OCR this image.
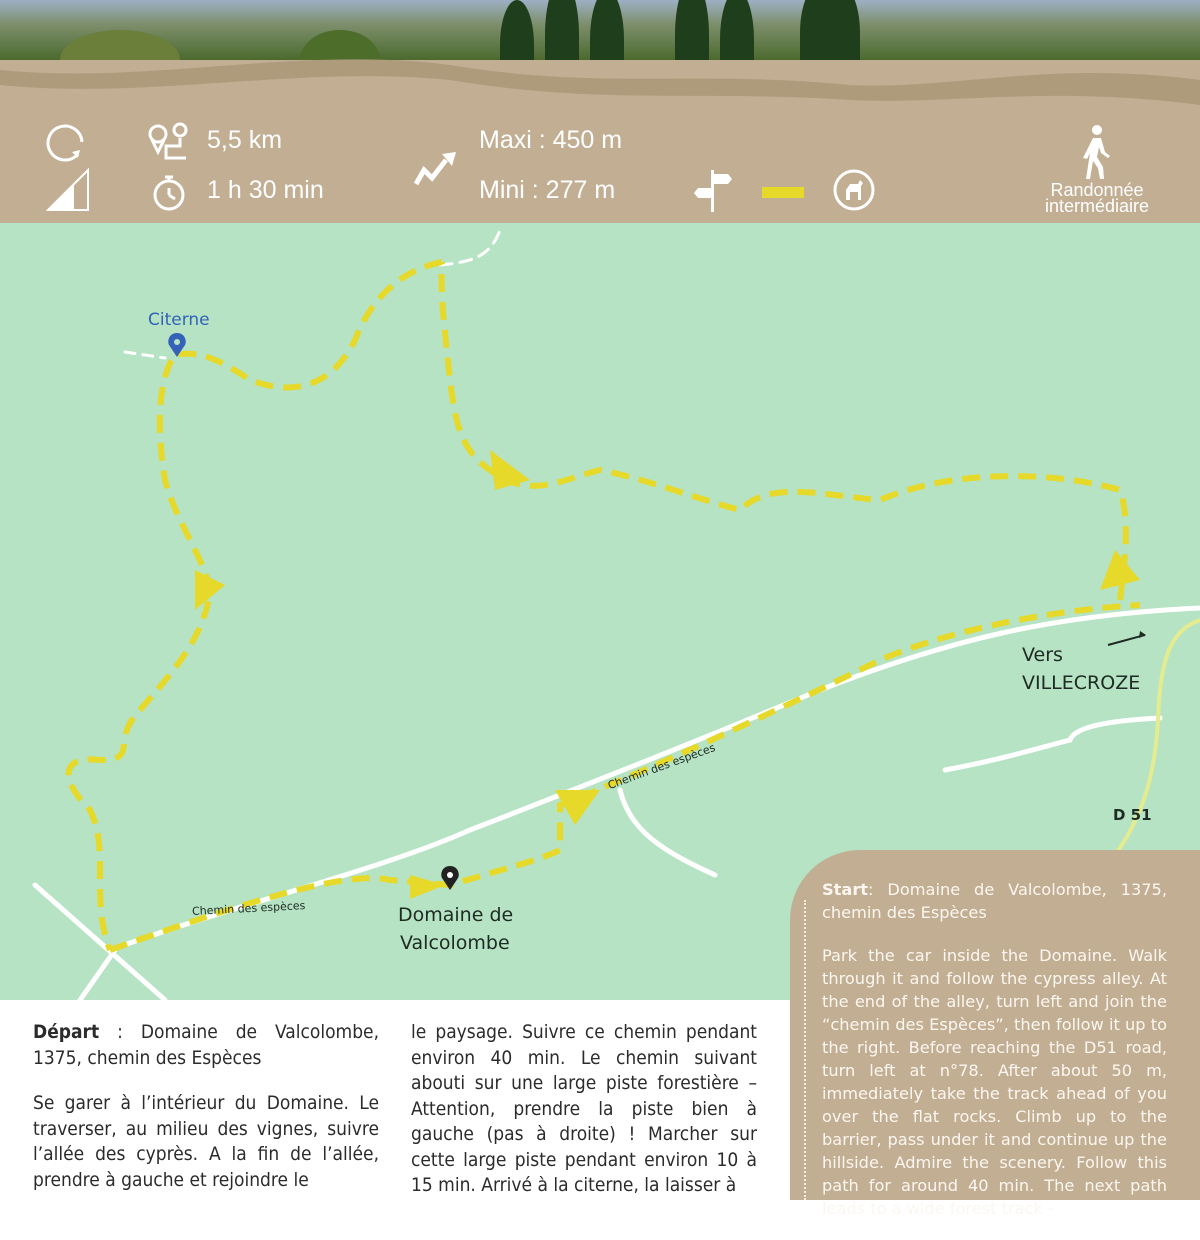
5,5 km
1 h 30 min
Maxi : 450 m
Mini : 277 m	Randonnée
intermédiaire
Citerne
Domaine de
Valcolombe
Vers
VILLECROZE
D 51
Chemin des espèces
Chemin des espèces

Départ : Domaine de Valcolombe, 1375, chemin des Espèces

Se garer à l’intérieur du Domaine. Le traverser, au milieu des vignes, suivre l’allée des cyprès. A la fin de l’allée, prendre à gauche et rejoindre le

le paysage. Suivre ce chemin pendant environ 40 min. Le chemin suivant abouti sur une large piste forestière – Attention, prendre la piste bien à gauche (pas à droite) ! Marcher sur cette large piste pendant environ 10 à 15 min. Arrivé à la citerne, la laisser à

Start: Domaine de Valcolombe, 1375, chemin des Espèces

Park the car inside the Domaine. Walk through it and follow the cypress alley. At the end of the alley, turn left and join the “chemin des Espèces”, then follow it up to the right. Before reaching the D51 road, turn left at n°78. After about 50 m, immediately take the track ahead of you over the flat rocks. Climb up to the barrier, pass under it and continue up the hillside. Admire the scenery. Follow this path for around 40 min. The next path leads to a wide forest track -
